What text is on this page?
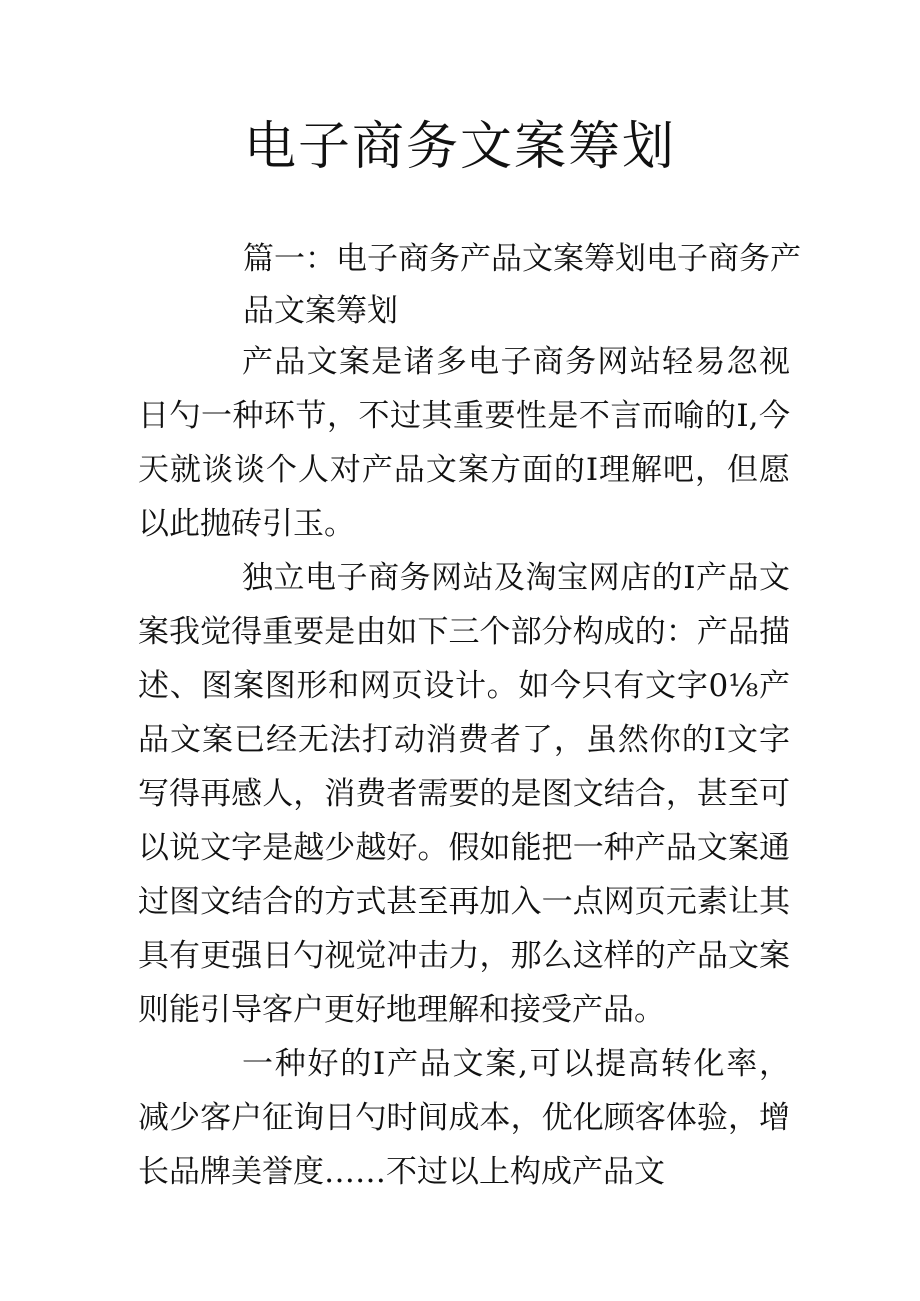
电子商务文案筹划
篇一：电子商务产品文案筹划电子商务产品文案筹划

产品文案是诸多电子商务网站轻易忽视日勺一种环节，不过其重要性是不言而喻的I,今天就谈谈个人对产品文案方面的I理解吧，但愿以此抛砖引玉。

独立电子商务网站及淘宝网店的I产品文案我觉得重要是由如下三个部分构成的：产品描述、图案图形和网页设计。如今只有文字0⅛产品文案已经无法打动消费者了，虽然你的I文字写得再感人，消费者需要的是图文结合，甚至可以说文字是越少越好。假如能把一种产品文案通过图文结合的方式甚至再加入一点网页元素让其具有更强日勺视觉冲击力，那么这样的产品文案则能引导客户更好地理解和接受产品。

一种好的I产品文案,可以提高转化率，减少客户征询日勺时间成本，优化顾客体验，增长品牌美誉度……不过以上构成产品文
